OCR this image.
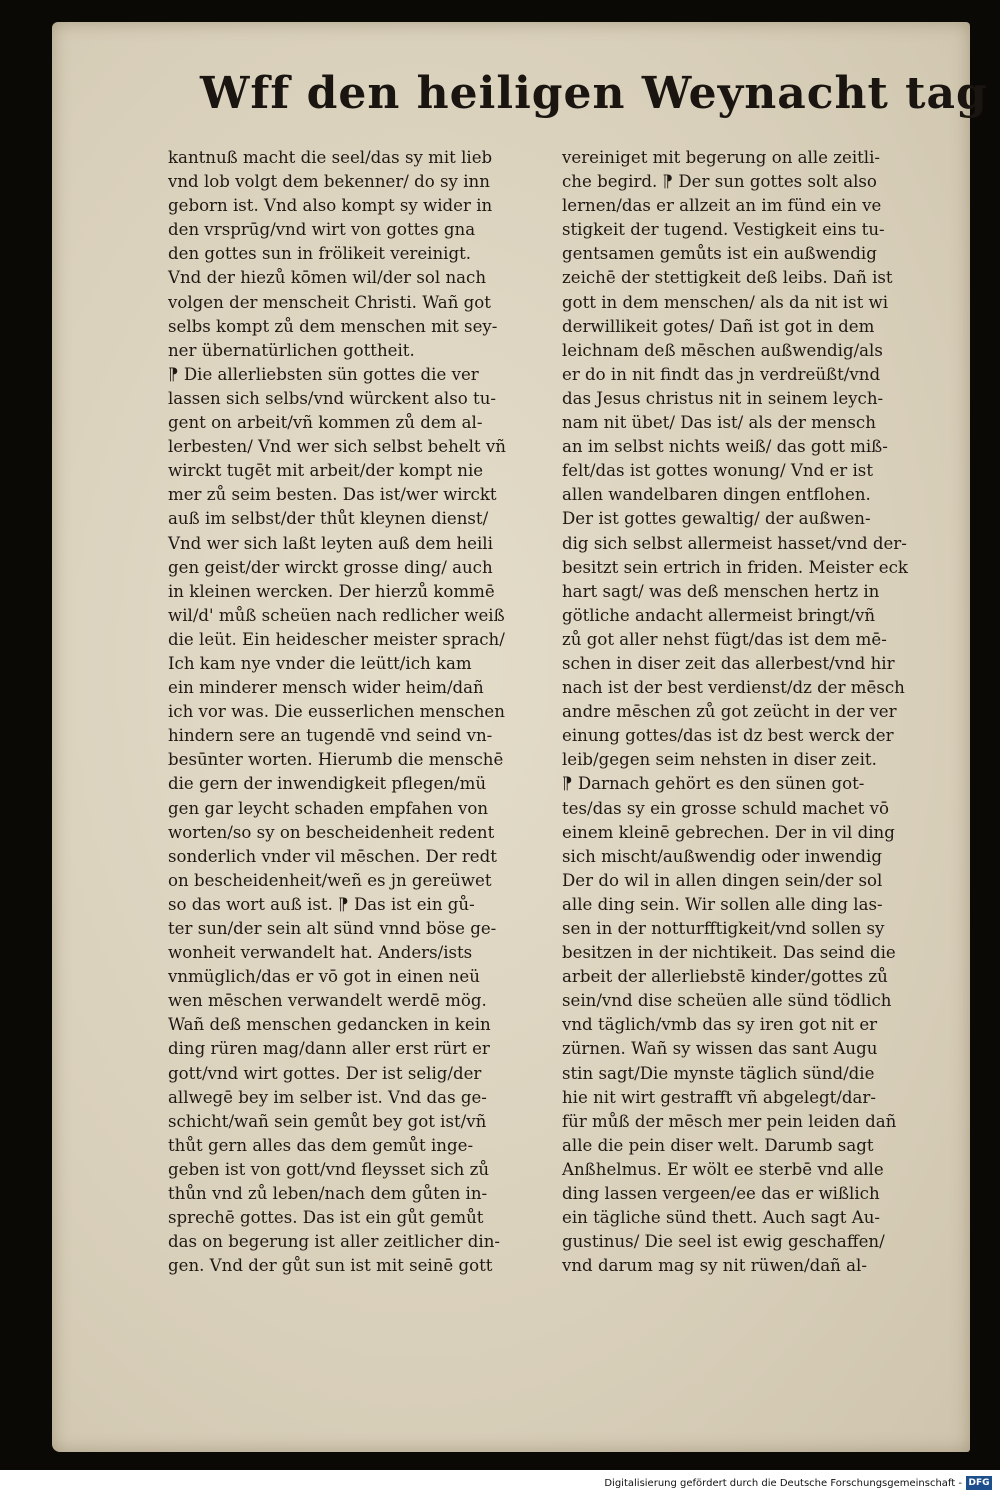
Wff den heiligen Weynacht tag
kantnuß macht die seel/das sy mit lieb
vnd lob volgt dem bekenner/ do sy inn
geborn ist. Vnd also kompt sy wider in
den vrsprūg/vnd wirt von gottes gna
den gottes sun in frölikeit vereinigt.
Vnd der hiezů kōmen wil/der sol nach
volgen der menscheit Christi. Wañ got
selbs kompt zů dem menschen mit sey-
ner übernatürlichen gottheit.
⁋ Die allerliebsten sün gottes die ver
lassen sich selbs/vnd würckent also tu-
gent on arbeit/vñ kommen zů dem al-
lerbesten/ Vnd wer sich selbst behelt vñ
wirckt tugēt mit arbeit/der kompt nie
mer zů seim besten. Das ist/wer wirckt
auß im selbst/der thůt kleynen dienst/
Vnd wer sich laßt leyten auß dem heili
gen geist/der wirckt grosse ding/ auch
in kleinen wercken. Der hierzů kommē
wil/d' můß scheüen nach redlicher weiß
die leüt. Ein heidescher meister sprach/
Ich kam nye vnder die leütt/ich kam
ein minderer mensch wider heim/dañ
ich vor was. Die eusserlichen menschen
hindern sere an tugendē vnd seind vn-
besūnter worten. Hierumb die menschē
die gern der inwendigkeit pflegen/mü
gen gar leycht schaden empfahen von
worten/so sy on bescheidenheit redent
sonderlich vnder vil mēschen. Der redt
on bescheidenheit/weñ es jn gereüwet
so das wort auß ist. ⁋ Das ist ein gů-
ter sun/der sein alt sünd vnnd böse ge-
wonheit verwandelt hat. Anders/ists
vnmüglich/das er vō got in einen neü
wen mēschen verwandelt werdē mög.
Wañ deß menschen gedancken in kein
ding rüren mag/dann aller erst rürt er
gott/vnd wirt gottes. Der ist selig/der
allwegē bey im selber ist. Vnd das ge-
schicht/wañ sein gemůt bey got ist/vñ
thůt gern alles das dem gemůt inge-
geben ist von gott/vnd fleysset sich zů
thůn vnd zů leben/nach dem gůten in-
sprechē gottes. Das ist ein gůt gemůt
das on begerung ist aller zeitlicher din-
gen. Vnd der gůt sun ist mit seinē gott
vereiniget mit begerung on alle zeitli-
che begird. ⁋ Der sun gottes solt also
lernen/das er allzeit an im fünd ein ve
stigkeit der tugend. Vestigkeit eins tu-
gentsamen gemůts ist ein außwendig
zeichē der stettigkeit deß leibs. Dañ ist
gott in dem menschen/ als da nit ist wi
derwillikeit gotes/ Dañ ist got in dem
leichnam deß mēschen außwendig/als
er do in nit findt das jn verdreüßt/vnd
das Jesus christus nit in seinem leych-
nam nit übet/ Das ist/ als der mensch
an im selbst nichts weiß/ das gott miß-
felt/das ist gottes wonung/ Vnd er ist
allen wandelbaren dingen entflohen.
Der ist gottes gewaltig/ der außwen-
dig sich selbst allermeist hasset/vnd der-
besitzt sein ertrich in friden. Meister eck
hart sagt/ was deß menschen hertz in
götliche andacht allermeist bringt/vñ
zů got aller nehst fügt/das ist dem mē-
schen in diser zeit das allerbest/vnd hir
nach ist der best verdienst/dz der mēsch
andre mēschen zů got zeücht in der ver
einung gottes/das ist dz best werck der
leib/gegen seim nehsten in diser zeit.
⁋ Darnach gehört es den sünen got-
tes/das sy ein grosse schuld machet vō
einem kleinē gebrechen. Der in vil ding
sich mischt/außwendig oder inwendig
Der do wil in allen dingen sein/der sol
alle ding sein. Wir sollen alle ding las-
sen in der notturfftigkeit/vnd sollen sy
besitzen in der nichtikeit. Das seind die
arbeit der allerliebstē kinder/gottes zů
sein/vnd dise scheüen alle sünd tödlich
vnd täglich/vmb das sy iren got nit er
zürnen. Wañ sy wissen das sant Augu
stin sagt/Die mynste täglich sünd/die
hie nit wirt gestrafft vñ abgelegt/dar-
für můß der mēsch mer pein leiden dañ
alle die pein diser welt. Darumb sagt
Anßhelmus. Er wölt ee sterbē vnd alle
ding lassen vergeen/ee das er wißlich
ein tägliche sünd thett. Auch sagt Au-
gustinus/ Die seel ist ewig geschaffen/
vnd darum mag sy nit rüwen/dañ al-
Digitalisierung gefördert durch die Deutsche Forschungsgemeinschaft - DFG
